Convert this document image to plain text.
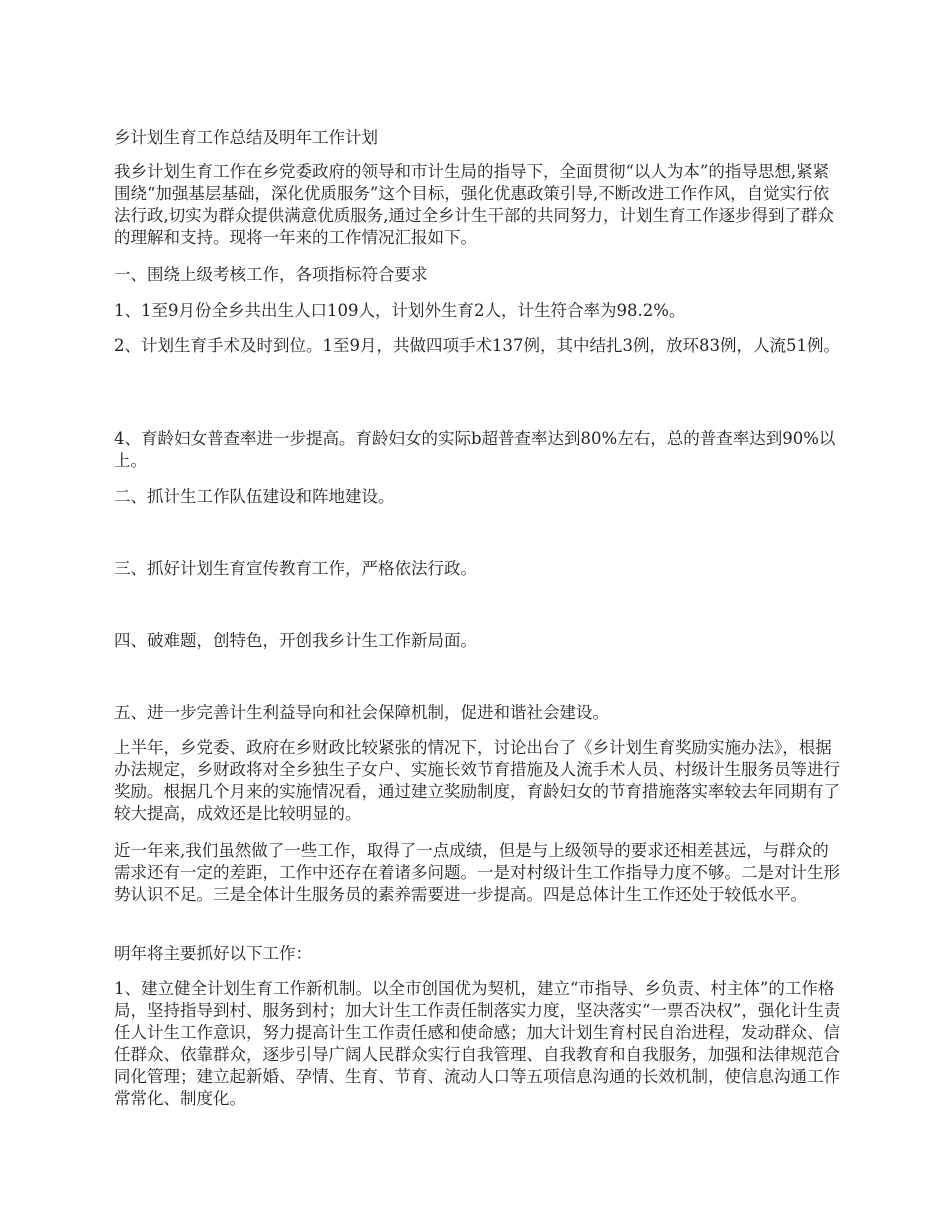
乡计划生育工作总结及明年工作计划

我乡计划生育工作在乡党委政府的领导和市计生局的指导下，全面贯彻“以人为本”的指导思想,紧紧围绕“加强基层基础，深化优质服务”这个目标，强化优惠政策引导,不断改进工作作风，自觉实行依法行政,切实为群众提供满意优质服务,通过全乡计生干部的共同努力，计划生育工作逐步得到了群众的理解和支持。现将一年来的工作情况汇报如下。

一、围绕上级考核工作，各项指标符合要求

1、1至9月份全乡共出生人口109人，计划外生育2人，计生符合率为98.2%。

2、计划生育手术及时到位。1至9月，共做四项手术137例，其中结扎3例，放环83例，人流51例。

4、育龄妇女普查率进一步提高。育龄妇女的实际b超普查率达到80%左右，总的普查率达到90%以上。

二、抓计生工作队伍建设和阵地建设。

三、抓好计划生育宣传教育工作，严格依法行政。

四、破难题，创特色，开创我乡计生工作新局面。

五、进一步完善计生利益导向和社会保障机制，促进和谐社会建设。

上半年，乡党委、政府在乡财政比较紧张的情况下，讨论出台了《乡计划生育奖励实施办法》，根据办法规定，乡财政将对全乡独生子女户、实施长效节育措施及人流手术人员、村级计生服务员等进行奖励。根据几个月来的实施情况看，通过建立奖励制度，育龄妇女的节育措施落实率较去年同期有了较大提高，成效还是比较明显的。

近一年来,我们虽然做了一些工作，取得了一点成绩，但是与上级领导的要求还相差甚远，与群众的需求还有一定的差距，工作中还存在着诸多问题。一是对村级计生工作指导力度不够。二是对计生形势认识不足。三是全体计生服务员的素养需要进一步提高。四是总体计生工作还处于较低水平。

明年将主要抓好以下工作：

1、建立健全计划生育工作新机制。以全市创国优为契机，建立“市指导、乡负责、村主体”的工作格局，坚持指导到村、服务到村；加大计生工作责任制落实力度，坚决落实“一票否决权”，强化计生责任人计生工作意识，努力提高计生工作责任感和使命感；加大计划生育村民自治进程，发动群众、信任群众、依靠群众，逐步引导广阔人民群众实行自我管理、自我教育和自我服务，加强和法律规范合同化管理；建立起新婚、孕情、生育、节育、流动人口等五项信息沟通的长效机制，使信息沟通工作常常化、制度化。
